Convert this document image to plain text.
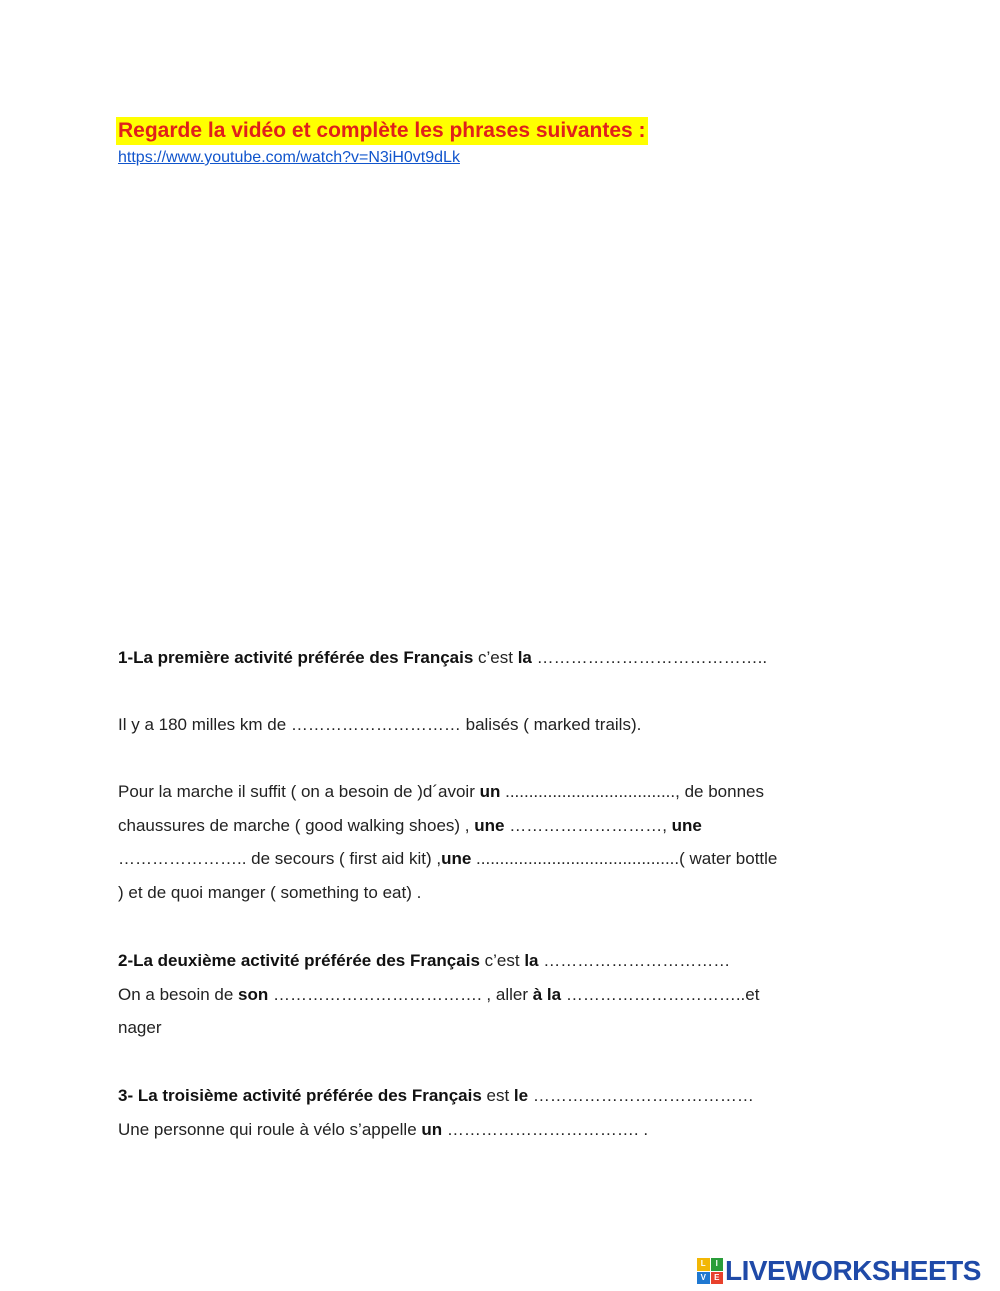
Regarde la vidéo et complète les phrases suivantes :
https://www.youtube.com/watch?v=N3iH0vt9dLk
1-La première activité préférée des Français c’est la …………………………………..
Il y a 180 milles km de ………………………… balisés ( marked trails).
Pour la marche il suffit ( on a besoin de )d´avoir un ...................................., de bonnes
chaussures de marche ( good walking shoes) , une ………………………, une
………………….. de secours ( first aid kit) ,une ...........................................( water bottle
) et de quoi manger ( something to eat) .
2-La deuxième activité préférée des Français c’est la ……………………………
On a besoin de son ………………………………. , aller à la …………………………..et
nager
3- La troisième activité préférée des Français est le …………………………………
Une personne qui roule à vélo s’appelle un ……………………………. .
L	I
V	E LIVEWORKSHEETS
